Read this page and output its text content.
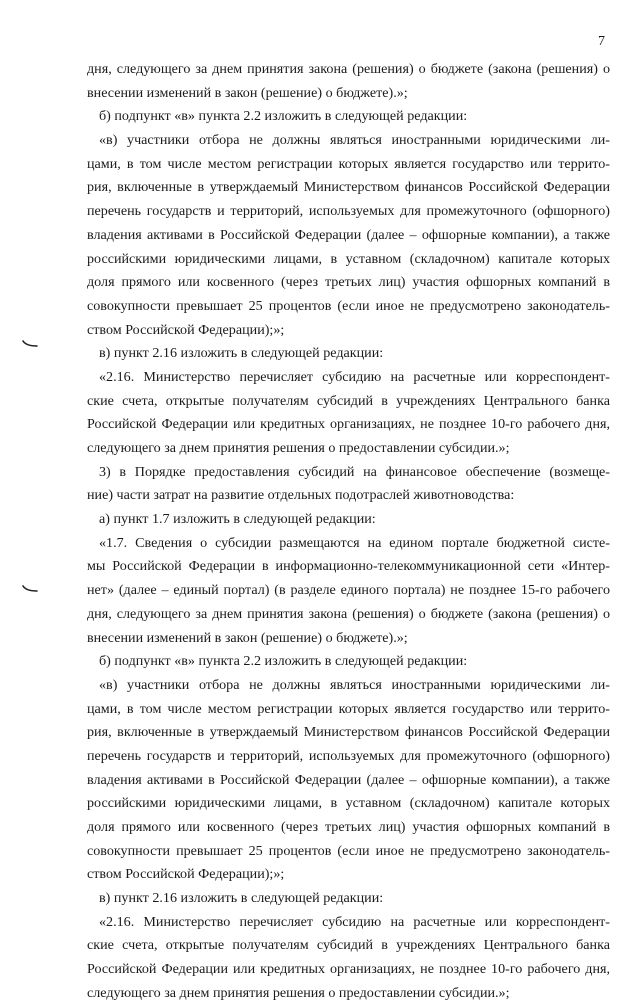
7
дня, следующего за днем принятия закона (решения) о бюджете (закона (решения) о
внесении изменений в закон (решение) о бюджете).»;
б) подпункт «в» пункта 2.2 изложить в следующей редакции:
«в) участники отбора не должны являться иностранными юридическими ли-
цами, в том числе местом регистрации которых является государство или террито-
рия, включенные в утверждаемый Министерством финансов Российской Федерации
перечень государств и территорий, используемых для промежуточного (офшорного)
владения активами в Российской Федерации (далее – офшорные компании), а также
российскими юридическими лицами, в уставном (складочном) капитале которых
доля прямого или косвенного (через третьих лиц) участия офшорных компаний в
совокупности превышает 25 процентов (если иное не предусмотрено законодатель-
ством Российской Федерации);»;
в) пункт 2.16 изложить в следующей редакции:
«2.16. Министерство перечисляет субсидию на расчетные или корреспондент-
ские счета, открытые получателям субсидий в учреждениях Центрального банка
Российской Федерации или кредитных организациях, не позднее 10-го рабочего дня,
следующего за днем принятия решения о предоставлении субсидии.»;
3) в Порядке предоставления субсидий на финансовое обеспечение (возмеще-
ние) части затрат на развитие отдельных подотраслей животноводства:
а) пункт 1.7 изложить в следующей редакции:
«1.7. Сведения о субсидии размещаются на едином портале бюджетной систе-
мы Российской Федерации в информационно-телекоммуникационной сети «Интер-
нет» (далее – единый портал) (в разделе единого портала) не позднее 15-го рабочего
дня, следующего за днем принятия закона (решения) о бюджете (закона (решения) о
внесении изменений в закон (решение) о бюджете).»;
б) подпункт «в» пункта 2.2 изложить в следующей редакции:
«в) участники отбора не должны являться иностранными юридическими ли-
цами, в том числе местом регистрации которых является государство или террито-
рия, включенные в утверждаемый Министерством финансов Российской Федерации
перечень государств и территорий, используемых для промежуточного (офшорного)
владения активами в Российской Федерации (далее – офшорные компании), а также
российскими юридическими лицами, в уставном (складочном) капитале которых
доля прямого или косвенного (через третьих лиц) участия офшорных компаний в
совокупности превышает 25 процентов (если иное не предусмотрено законодатель-
ством Российской Федерации);»;
в) пункт 2.16 изложить в следующей редакции:
«2.16. Министерство перечисляет субсидию на расчетные или корреспондент-
ские счета, открытые получателям субсидий в учреждениях Центрального банка
Российской Федерации или кредитных организациях, не позднее 10-го рабочего дня,
следующего за днем принятия решения о предоставлении субсидии.»;
